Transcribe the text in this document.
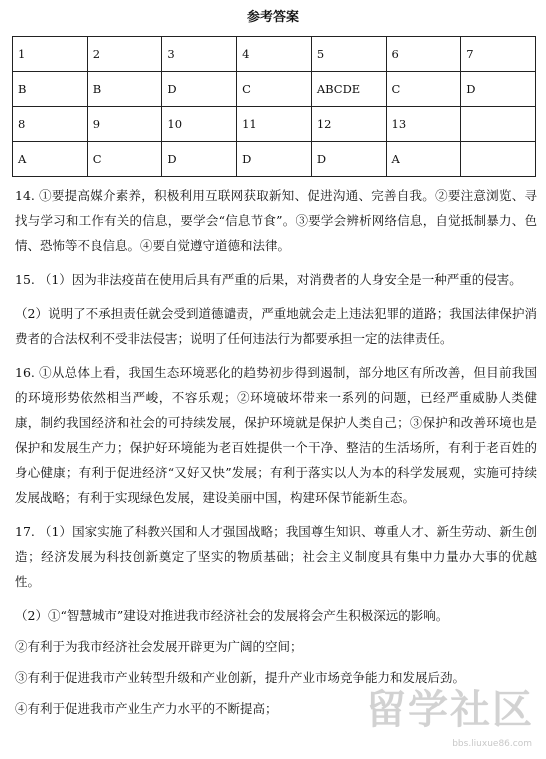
参考答案
1	2	3	4	5	6	7
B	B	D	C	ABCDE	C	D
8	9	10	11	12	13	
A	C	D	D	D	A	

14. ①要提高媒介素养，积极利用互联网获取新知、促进沟通、完善自我。②要注意浏览、寻找与学习和工作有关的信息，要学会“信息节食”。③要学会辨析网络信息，自觉抵制暴力、色情、恐怖等不良信息。④要自觉遵守道德和法律。

15. （1）因为非法疫苗在使用后具有严重的后果，对消费者的人身安全是一种严重的侵害。

（2）说明了不承担责任就会受到道德谴责，严重地就会走上违法犯罪的道路；我国法律保护消费者的合法权利不受非法侵害；说明了任何违法行为都要承担一定的法律责任。

16. ①从总体上看，我国生态环境恶化的趋势初步得到遏制，部分地区有所改善，但目前我国的环境形势依然相当严峻，不容乐观；②环境破坏带来一系列的问题，已经严重威胁人类健康，制约我国经济和社会的可持续发展，保护环境就是保护人类自己；③保护和改善环境也是保护和发展生产力；保护好环境能为老百姓提供一个干净、整洁的生活场所，有利于老百姓的身心健康；有利于促进经济“又好又快”发展；有利于落实以人为本的科学发展观，实施可持续发展战略；有利于实现绿色发展，建设美丽中国，构建环保节能新生态。

17. （1）国家实施了科教兴国和人才强国战略；我国尊生知识、尊重人才、新生劳动、新生创造；经济发展为科技创新奠定了坚实的物质基础；社会主义制度具有集中力量办大事的优越性。

（2）①“智慧城市”建设对推进我市经济社会的发展将会产生积极深远的影响。

②有利于为我市经济社会发展开辟更为广阔的空间；

③有利于促进我市产业转型升级和产业创新，提升产业市场竞争能力和发展后劲。

④有利于促进我市产业生产力水平的不断提高；	留学社区
bbs.liuxue86.com
